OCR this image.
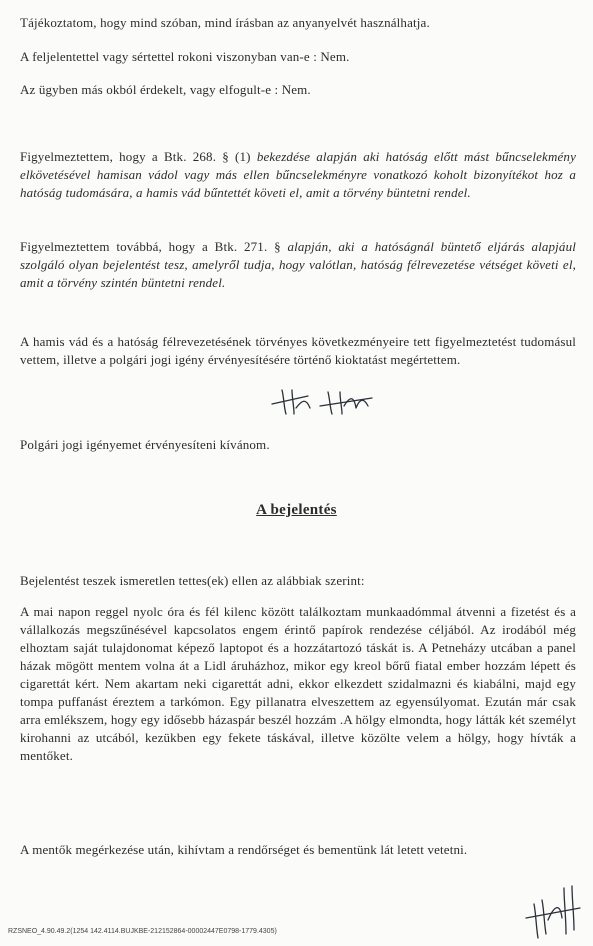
Tájékoztatom, hogy mind szóban, mind írásban az anyanyelvét használhatja.

A feljelentettel vagy sértettel rokoni viszonyban van-e : Nem.

Az ügyben más okból érdekelt, vagy elfogult-e : Nem.

Figyelmeztettem, hogy a Btk. 268. § (1) bekezdése alapján aki hatóság előtt mást bűncselekmény elkövetésével hamisan vádol vagy más ellen bűncselekményre vonatkozó koholt bizonyítékot hoz a hatóság tudomására, a hamis vád bűntettét követi el, amit a törvény büntetni rendel.

Figyelmeztettem továbbá, hogy a Btk. 271. § alapján, aki a hatóságnál büntető eljárás alapjául szolgáló olyan bejelentést tesz, amelyről tudja, hogy valótlan, hatóság félrevezetése vétséget követi el, amit a törvény szintén büntetni rendel.

A hamis vád és a hatóság félrevezetésének törvényes következményeire tett figyelmeztetést tudomásul vettem, illetve a polgári jogi igény érvényesítésére történő kioktatást megértettem.

Polgári jogi igényemet érvényesíteni kívánom.

A bejelentés

Bejelentést teszek ismeretlen tettes(ek) ellen az alábbiak szerint:

A mai napon reggel nyolc óra és fél kilenc között találkoztam munkaadómmal átvenni a fizetést és a vállalkozás megszűnésével kapcsolatos engem érintő papírok rendezése céljából. Az irodából még elhoztam saját tulajdonomat képező laptopot és a hozzátartozó táskát is. A Petneházy utcában a panel házak mögött mentem volna át a Lidl áruházhoz, mikor egy kreol bőrű fiatal ember hozzám lépett és cigarettát kért. Nem akartam neki cigarettát adni, ekkor elkezdett szidalmazni és kiabálni, majd egy tompa puffanást éreztem a tarkómon. Egy pillanatra elveszettem az egyensúlyomat. Ezután már csak arra emlékszem, hogy egy idősebb házaspár beszél hozzám .A hölgy elmondta, hogy látták két személyt kirohanni az utcából, kezükben egy fekete táskával, illetve közölte velem a hölgy, hogy hívták a mentőket.

A mentők megérkezése után, kihívtam a rendőrséget és bementünk lát letett vetetni.

RZSNEO_4.90.49.2(1254 142.4114.BUJKBE-212152864-00002447E0798-1779.4305)
